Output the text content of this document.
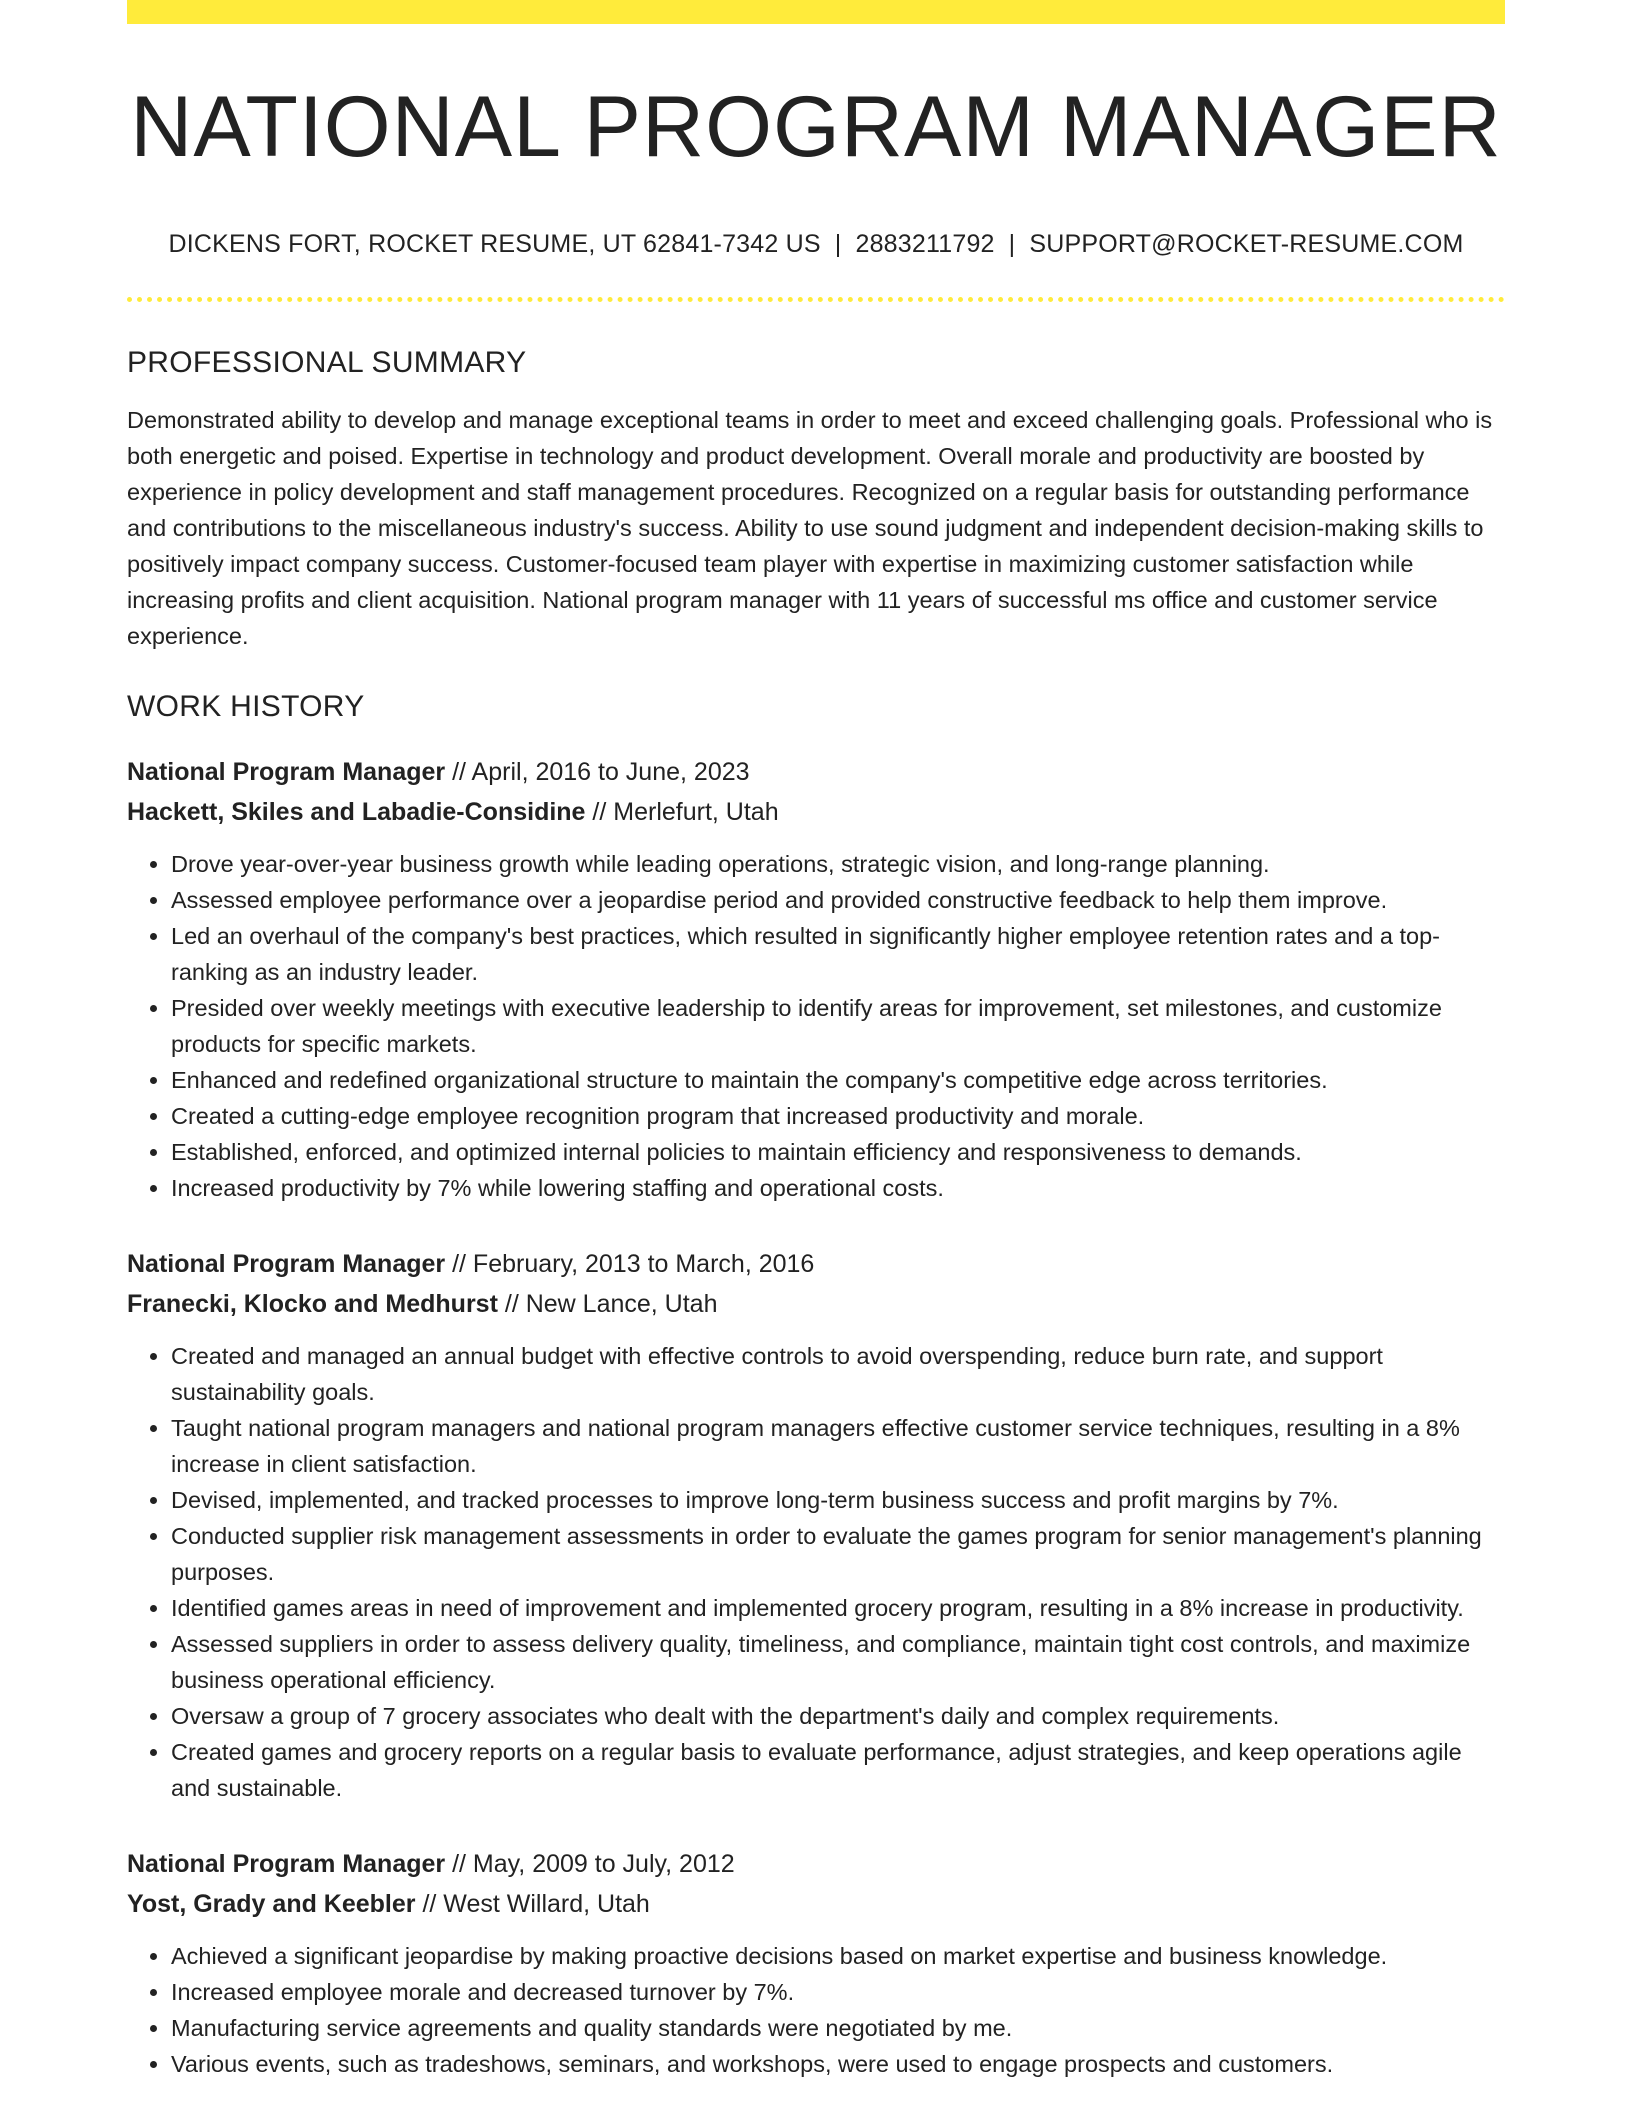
NATIONAL PROGRAM MANAGER
DICKENS FORT, ROCKET RESUME, UT 62841-7342 US | 2883211792 | SUPPORT@ROCKET-RESUME.COM
PROFESSIONAL SUMMARY

Demonstrated ability to develop and manage exceptional teams in order to meet and exceed challenging goals. Professional who is both energetic and poised. Expertise in technology and product development. Overall morale and productivity are boosted by experience in policy development and staff management procedures. Recognized on a regular basis for outstanding performance and contributions to the miscellaneous industry's success. Ability to use sound judgment and independent decision-making skills to positively impact company success. Customer-focused team player with expertise in maximizing customer satisfaction while increasing profits and client acquisition. National program manager with 11 years of successful ms office and customer service experience.

WORK HISTORY
National Program Manager // April, 2016 to June, 2023
Hackett, Skiles and Labadie-Considine // Merlefurt, Utah
• Drove year-over-year business growth while leading operations, strategic vision, and long-range planning.
• Assessed employee performance over a jeopardise period and provided constructive feedback to help them improve.
• Led an overhaul of the company's best practices, which resulted in significantly higher employee retention rates and a top-ranking as an industry leader.
• Presided over weekly meetings with executive leadership to identify areas for improvement, set milestones, and customize products for specific markets.
• Enhanced and redefined organizational structure to maintain the company's competitive edge across territories.
• Created a cutting-edge employee recognition program that increased productivity and morale.
• Established, enforced, and optimized internal policies to maintain efficiency and responsiveness to demands.
• Increased productivity by 7% while lowering staffing and operational costs.
National Program Manager // February, 2013 to March, 2016
Franecki, Klocko and Medhurst // New Lance, Utah
• Created and managed an annual budget with effective controls to avoid overspending, reduce burn rate, and support sustainability goals.
• Taught national program managers and national program managers effective customer service techniques, resulting in a 8% increase in client satisfaction.
• Devised, implemented, and tracked processes to improve long-term business success and profit margins by 7%.
• Conducted supplier risk management assessments in order to evaluate the games program for senior management's planning purposes.
• Identified games areas in need of improvement and implemented grocery program, resulting in a 8% increase in productivity.
• Assessed suppliers in order to assess delivery quality, timeliness, and compliance, maintain tight cost controls, and maximize business operational efficiency.
• Oversaw a group of 7 grocery associates who dealt with the department's daily and complex requirements.
• Created games and grocery reports on a regular basis to evaluate performance, adjust strategies, and keep operations agile and sustainable.
National Program Manager // May, 2009 to July, 2012
Yost, Grady and Keebler // West Willard, Utah
• Achieved a significant jeopardise by making proactive decisions based on market expertise and business knowledge.
• Increased employee morale and decreased turnover by 7%.
• Manufacturing service agreements and quality standards were negotiated by me.
• Various events, such as tradeshows, seminars, and workshops, were used to engage prospects and customers.
